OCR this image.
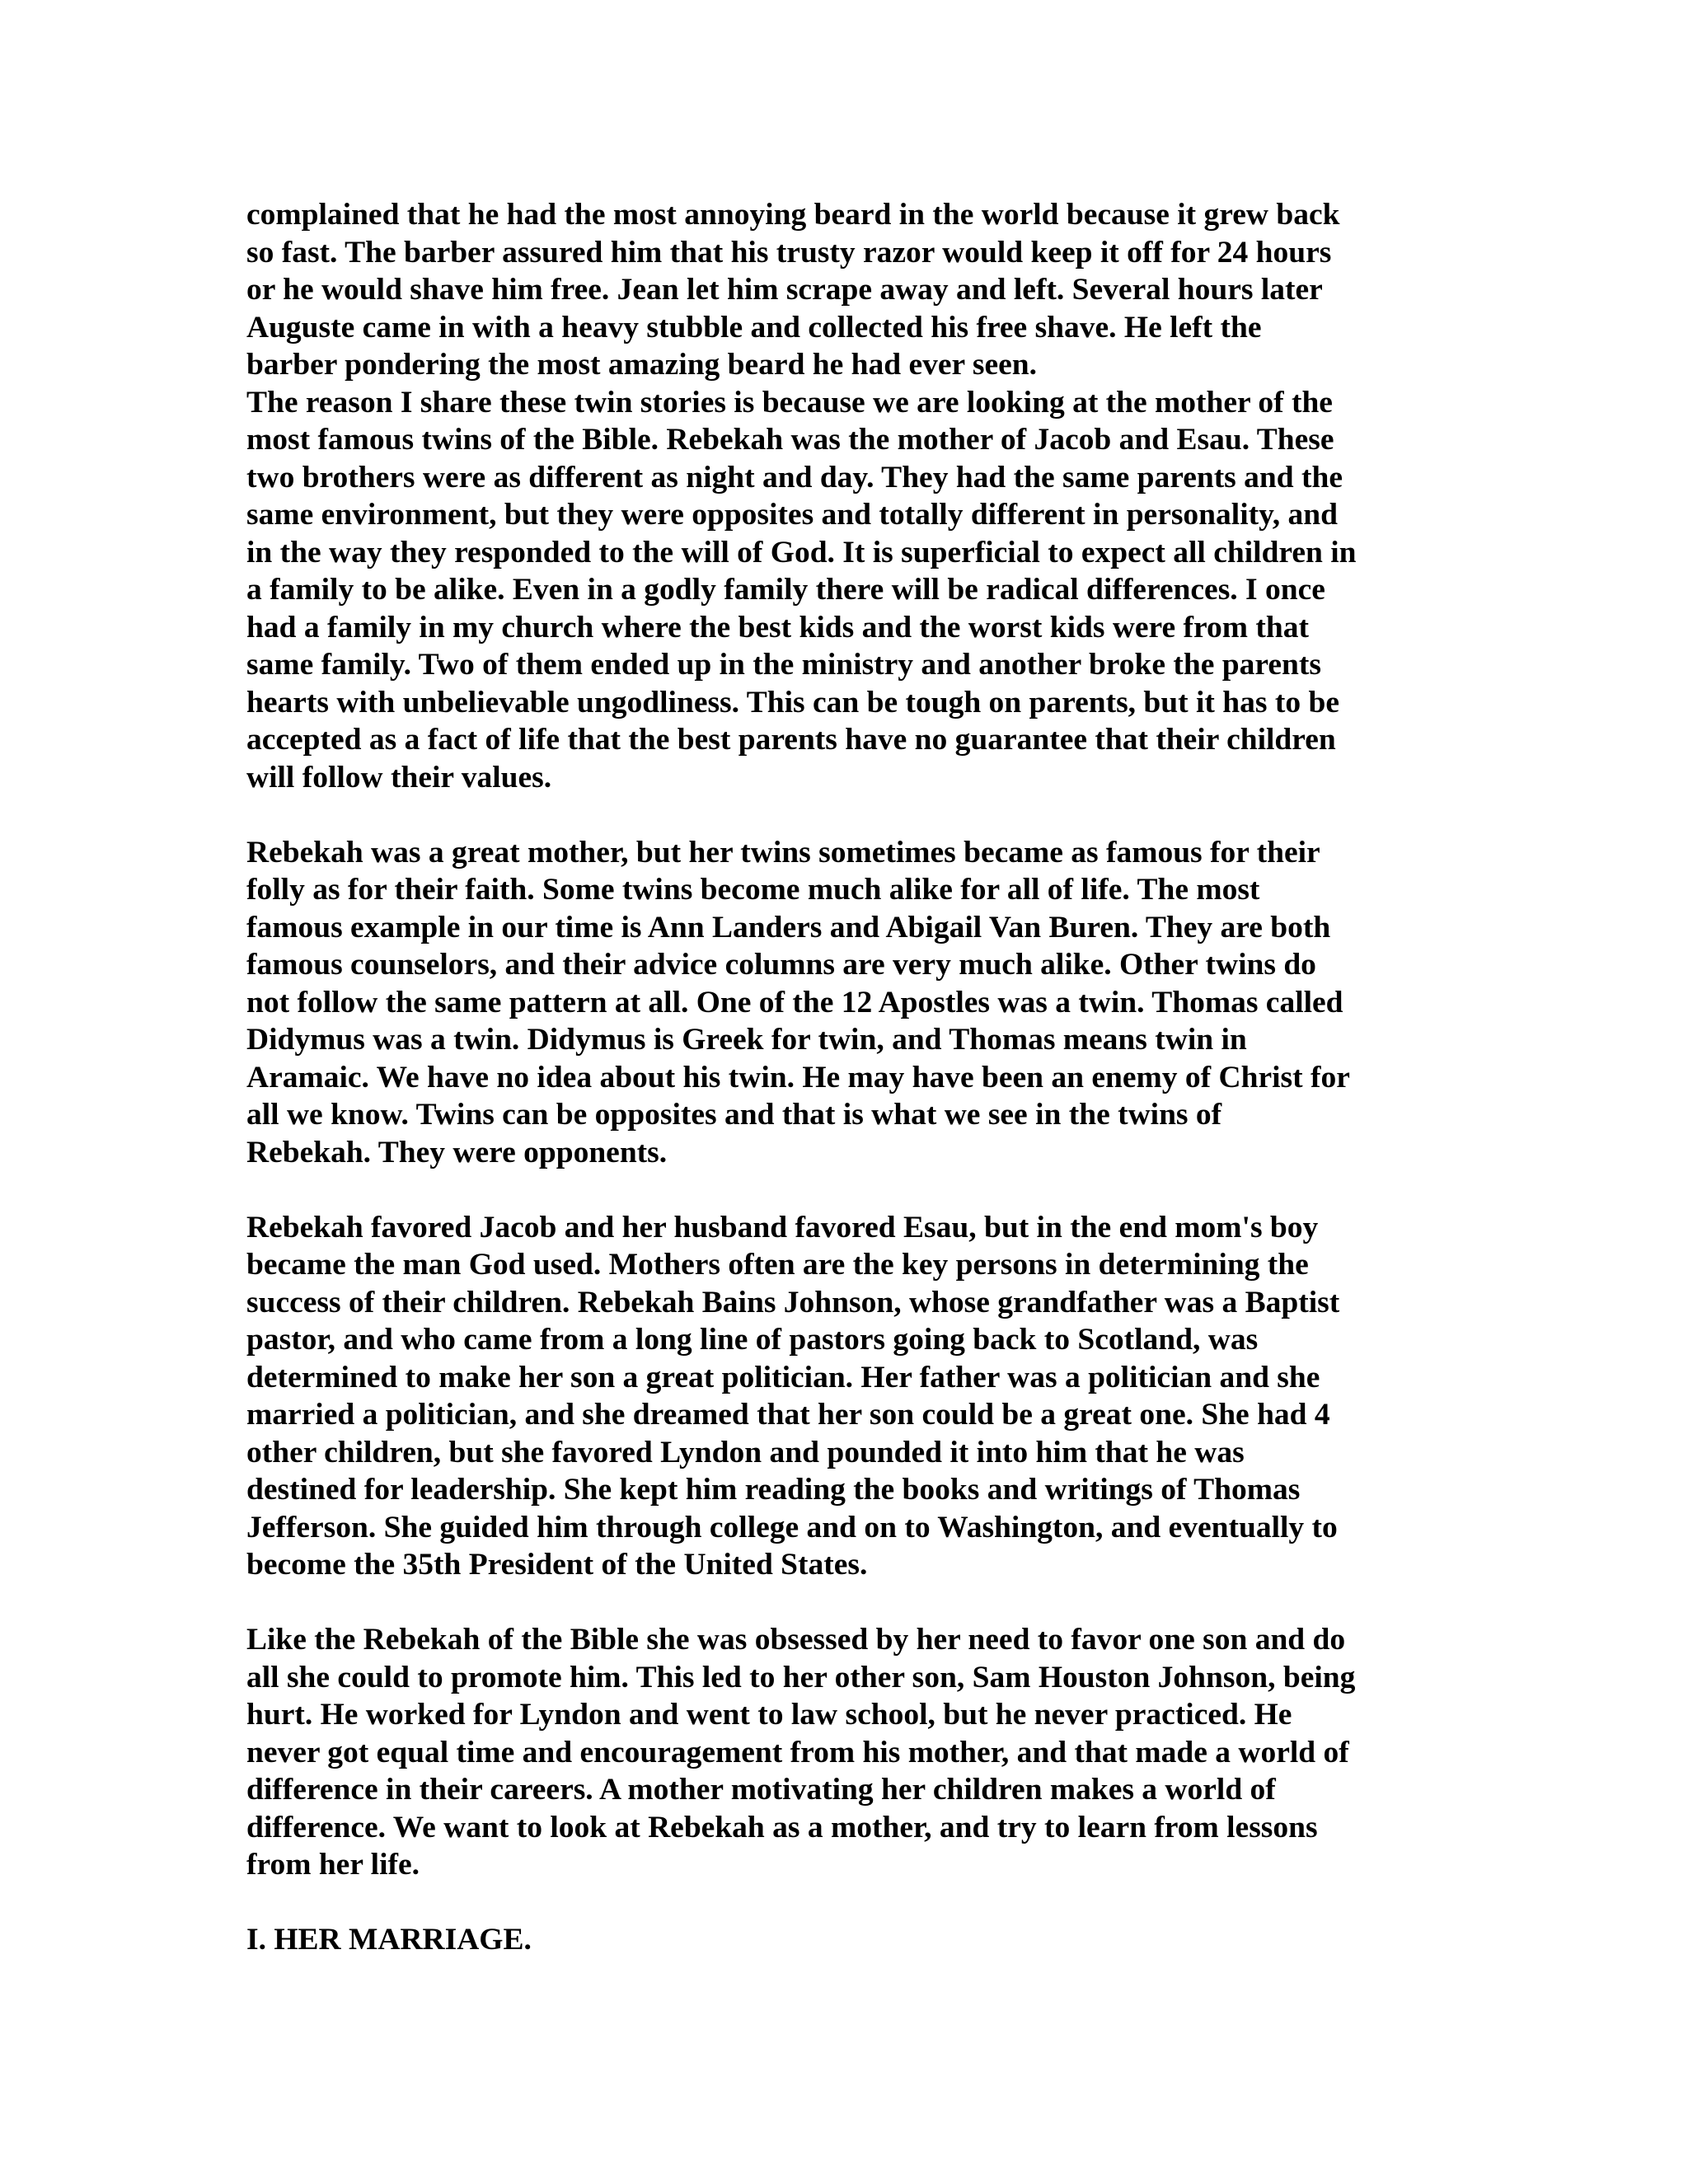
complained that he had the most annoying beard in the world because it grew back
so fast. The barber assured him that his trusty razor would keep it off for 24 hours
or he would shave him free. Jean let him scrape away and left. Several hours later
Auguste came in with a heavy stubble and collected his free shave. He left the
barber pondering the most amazing beard he had ever seen.
The reason I share these twin stories is because we are looking at the mother of the
most famous twins of the Bible. Rebekah was the mother of Jacob and Esau. These
two brothers were as different as night and day. They had the same parents and the
same environment, but they were opposites and totally different in personality, and
in the way they responded to the will of God. It is superficial to expect all children in
a family to be alike. Even in a godly family there will be radical differences. I once
had a family in my church where the best kids and the worst kids were from that
same family. Two of them ended up in the ministry and another broke the parents
hearts with unbelievable ungodliness. This can be tough on parents, but it has to be
accepted as a fact of life that the best parents have no guarantee that their children
will follow their values.
Rebekah was a great mother, but her twins sometimes became as famous for their
folly as for their faith. Some twins become much alike for all of life. The most
famous example in our time is Ann Landers and Abigail Van Buren. They are both
famous counselors, and their advice columns are very much alike. Other twins do
not follow the same pattern at all. One of the 12 Apostles was a twin. Thomas called
Didymus was a twin. Didymus is Greek for twin, and Thomas means twin in
Aramaic. We have no idea about his twin. He may have been an enemy of Christ for
all we know. Twins can be opposites and that is what we see in the twins of
Rebekah. They were opponents.
Rebekah favored Jacob and her husband favored Esau, but in the end mom's boy
became the man God used. Mothers often are the key persons in determining the
success of their children. Rebekah Bains Johnson, whose grandfather was a Baptist
pastor, and who came from a long line of pastors going back to Scotland, was
determined to make her son a great politician. Her father was a politician and she
married a politician, and she dreamed that her son could be a great one. She had 4
other children, but she favored Lyndon and pounded it into him that he was
destined for leadership. She kept him reading the books and writings of Thomas
Jefferson. She guided him through college and on to Washington, and eventually to
become the 35th President of the United States.
Like the Rebekah of the Bible she was obsessed by her need to favor one son and do
all she could to promote him. This led to her other son, Sam Houston Johnson, being
hurt. He worked for Lyndon and went to law school, but he never practiced. He
never got equal time and encouragement from his mother, and that made a world of
difference in their careers. A mother motivating her children makes a world of
difference. We want to look at Rebekah as a mother, and try to learn from lessons
from her life.
I. HER MARRIAGE.
